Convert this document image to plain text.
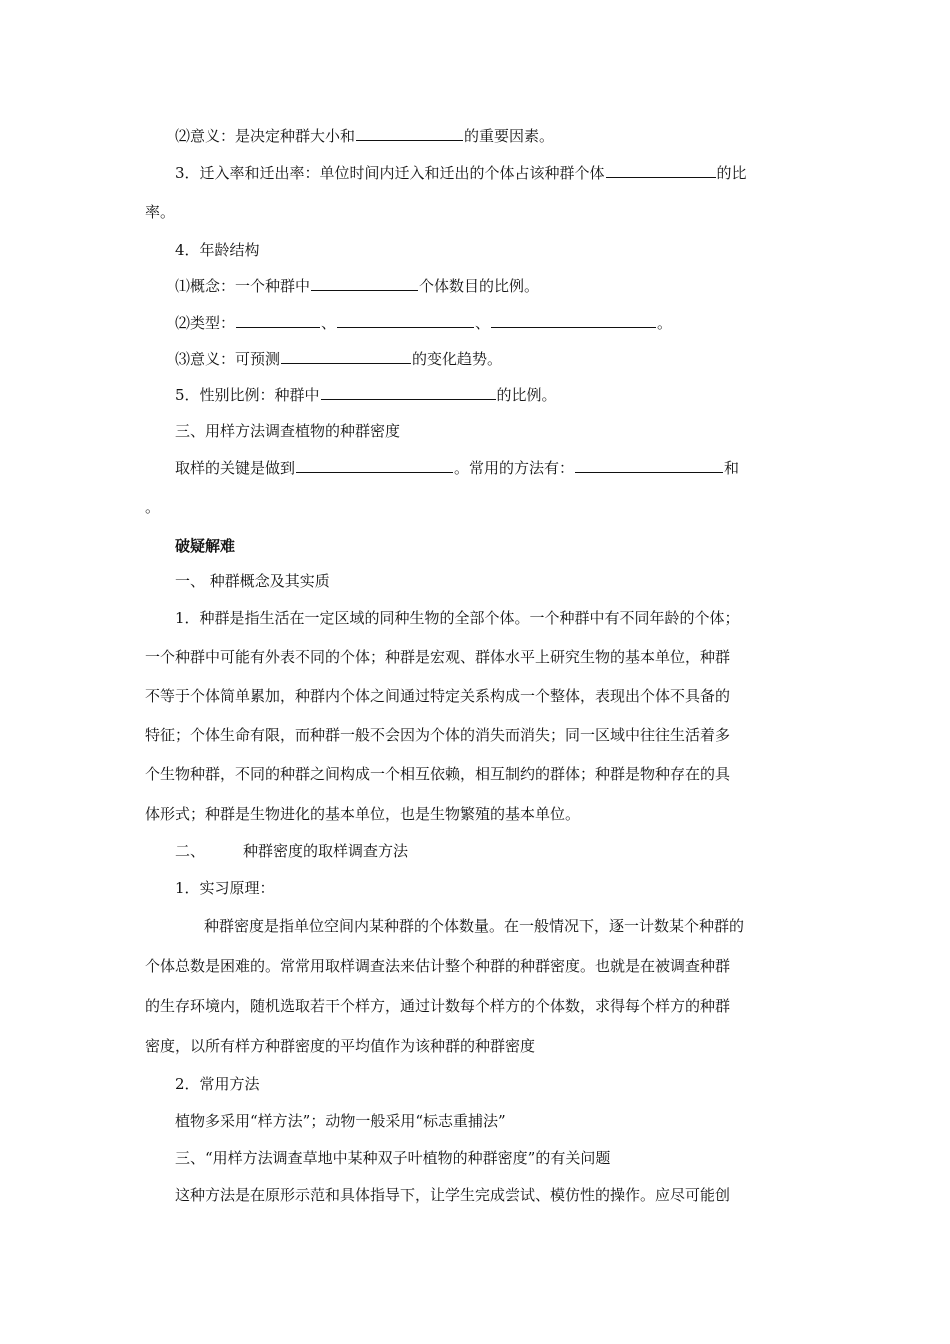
⑵意义：是决定种群大小和	的重要因素。
3．迁入率和迁出率：单位时间内迁入和迁出的个体占该种群个体	的比
率。
4．年龄结构
⑴概念：一个种群中	个体数目的比例。
⑵类型：	、	、	。
⑶意义：可预测	的变化趋势。
5．性别比例：种群中	的比例。
三、用样方法调查植物的种群密度
取样的关键是做到	。常用的方法有：	和
。
破疑解难
一、 种群概念及其实质
1．种群是指生活在一定区域的同种生物的全部个体。一个种群中有不同年龄的个体；
一个种群中可能有外表不同的个体；种群是宏观、群体水平上研究生物的基本单位，种群
不等于个体简单累加，种群内个体之间通过特定关系构成一个整体，表现出个体不具备的
特征；个体生命有限，而种群一般不会因为个体的消失而消失；同一区域中往往生活着多
个生物种群，不同的种群之间构成一个相互依赖，相互制约的群体；种群是物种存在的具
体形式；种群是生物进化的基本单位，也是生物繁殖的基本单位。
二、	种群密度的取样调查方法
1．实习原理：
种群密度是指单位空间内某种群的个体数量。在一般情况下，逐一计数某个种群的
个体总数是困难的。常常用取样调查法来估计整个种群的种群密度。也就是在被调查种群
的生存环境内，随机选取若干个样方，通过计数每个样方的个体数，求得每个样方的种群
密度，以所有样方种群密度的平均值作为该种群的种群密度
2．常用方法
植物多采用“样方法”；动物一般采用“标志重捕法”
三、“用样方法调查草地中某种双子叶植物的种群密度”的有关问题
这种方法是在原形示范和具体指导下，让学生完成尝试、模仿性的操作。应尽可能创
